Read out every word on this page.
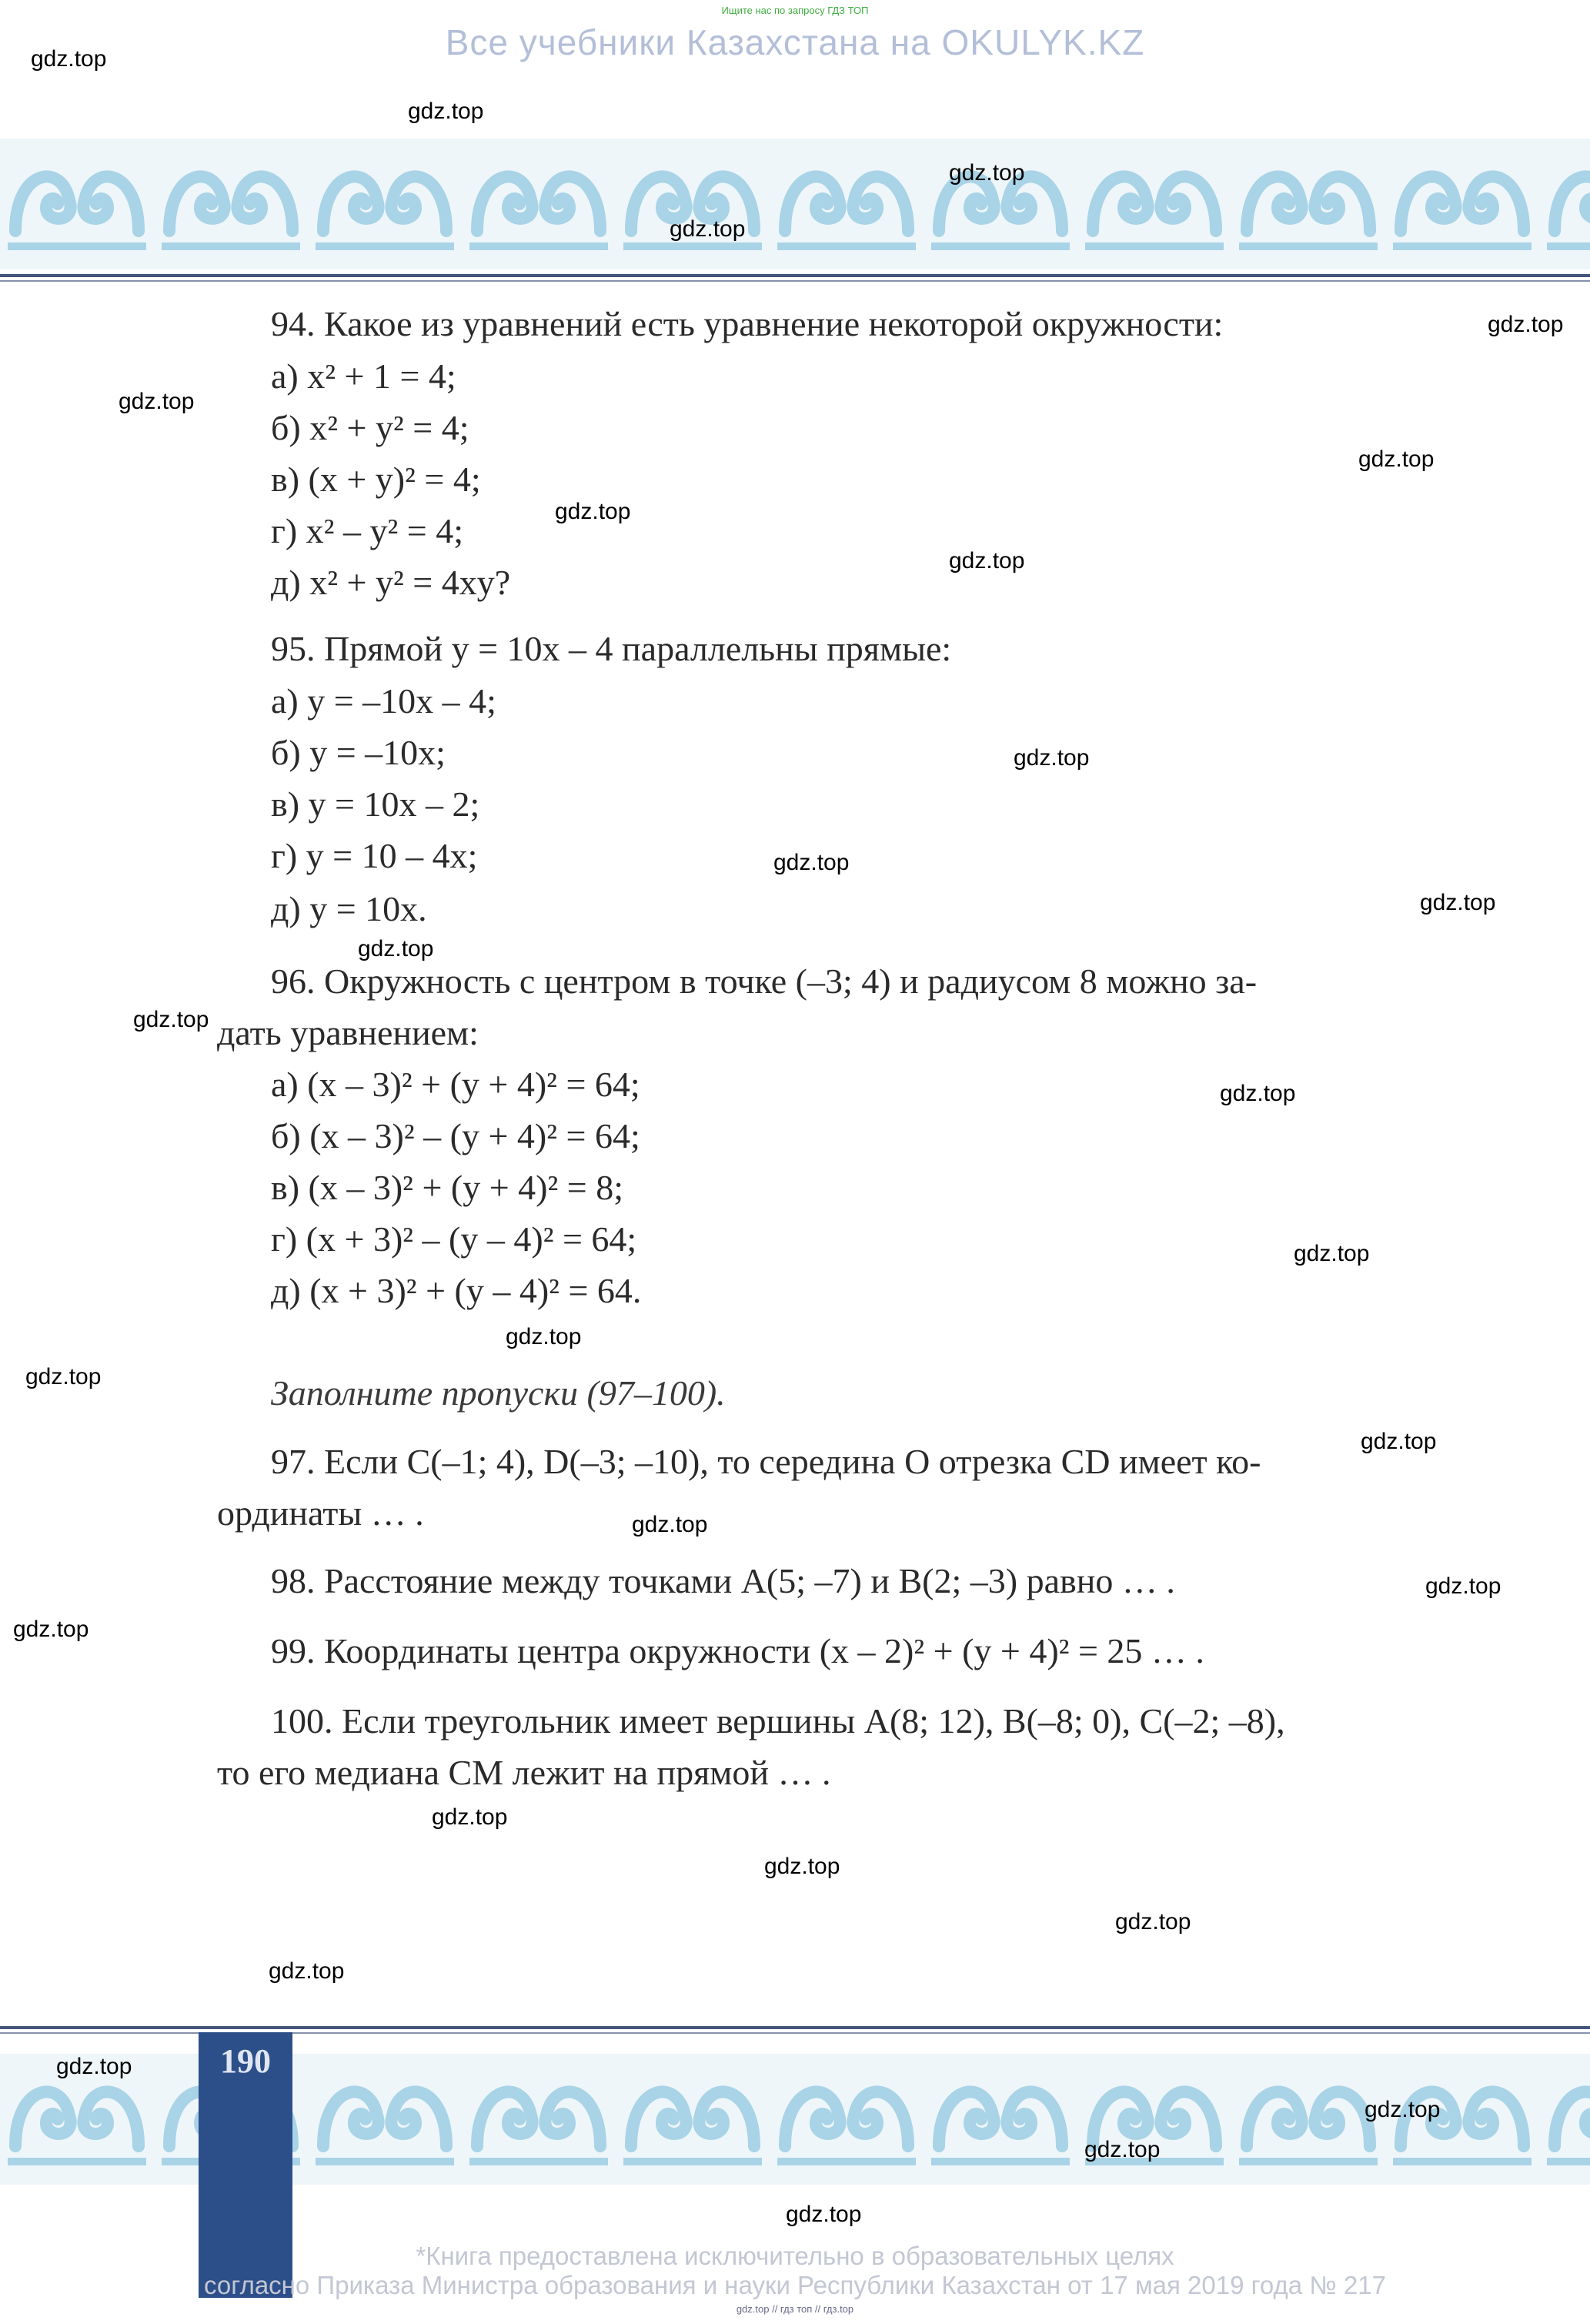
Ищите нас по запросу ГДЗ ТОП
Все учебники Казахстана на OKULYK.KZ
94. Какое из уравнений есть уравнение некоторой окружности:
а) x² + 1 = 4;
б) x² + y² = 4;
в) (x + y)² = 4;
г) x² – y² = 4;
д) x² + y² = 4xy?
95. Прямой y = 10x – 4 параллельны прямые:
а) y = –10x – 4;
б) y = –10x;
в) y = 10x – 2;
г) y = 10 – 4x;
д) y = 10x.
96. Окружность с центром в точке (–3; 4) и радиусом 8 можно за-
дать уравнением:
а) (x – 3)² + (y + 4)² = 64;
б) (x – 3)² – (y + 4)² = 64;
в) (x – 3)² + (y + 4)² = 8;
г) (x + 3)² – (y – 4)² = 64;
д) (x + 3)² + (y – 4)² = 64.
Заполните пропуски (97–100).
97. Если C(–1; 4), D(–3; –10), то середина O отрезка CD имеет ко-
ординаты … .
98. Расстояние между точками A(5; –7) и B(2; –3) равно … .
99. Координаты центра окружности (x – 2)² + (y + 4)² = 25 … .
100. Если треугольник имеет вершины A(8; 12), B(–8; 0), C(–2; –8),
то его медиана CM лежит на прямой … .
gdz.top
gdz.top
gdz.top
gdz.top
gdz.top
gdz.top
gdz.top
gdz.top
gdz.top
gdz.top
gdz.top
gdz.top
gdz.top
gdz.top
gdz.top
gdz.top
gdz.top
gdz.top
gdz.top
gdz.top
gdz.top
gdz.top
gdz.top
gdz.top
gdz.top
gdz.top
190
gdz.top
gdz.top
gdz.top
gdz.top
*Книга предоставлена исключительно в образовательных целях
согласно Приказа Министра образования и науки Республики Казахстан от 17 мая 2019 года № 217
gdz.top // гдз топ // гдз.top
